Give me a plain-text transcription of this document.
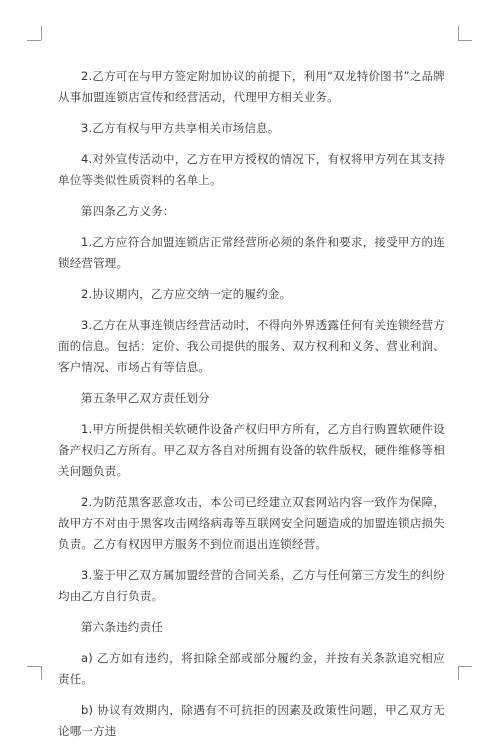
2.乙方可在与甲方签定附加协议的前提下，利用“双龙特价图书”之品牌从事加盟连锁店宣传和经营活动，代理甲方相关业务。

3.乙方有权与甲方共享相关市场信息。

4.对外宣传活动中，乙方在甲方授权的情况下，有权将甲方列在其支持单位等类似性质资料的名单上。

第四条乙方义务：

1.乙方应符合加盟连锁店正常经营所必须的条件和要求，接受甲方的连锁经营管理。

2.协议期内，乙方应交纳一定的履约金。

3.乙方在从事连锁店经营活动时，不得向外界透露任何有关连锁经营方面的信息。包括：定价、我公司提供的服务、双方权利和义务、营业利润、客户情况、市场占有等信息。

第五条甲乙双方责任划分

1.甲方所提供相关软硬件设备产权归甲方所有，乙方自行购置软硬件设备产权归乙方所有。甲乙双方各自对所拥有设备的软件版权，硬件维修等相关问题负责。

2.为防范黑客恶意攻击，本公司已经建立双套网站内容一致作为保障，故甲方不对由于黑客攻击网络病毒等互联网安全问题造成的加盟连锁店损失负责。乙方有权因甲方服务不到位而退出连锁经营。

3.鉴于甲乙双方属加盟经营的合同关系，乙方与任何第三方发生的纠纷均由乙方自行负责。

第六条违约责任

a) 乙方如有违约，将扣除全部或部分履约金，并按有关条款追究相应责任。

b) 协议有效期内，除遇有不可抗拒的因素及政策性问题，甲乙双方无论哪一方违
